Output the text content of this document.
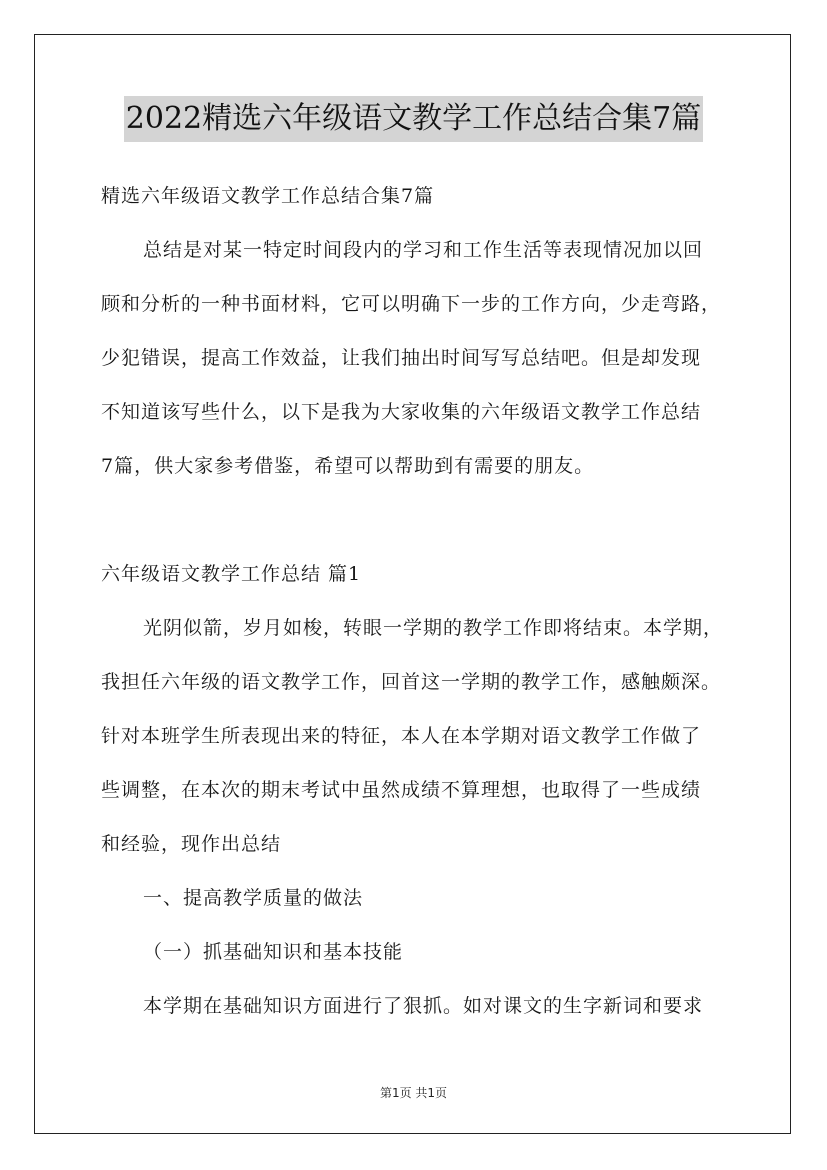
2022精选六年级语文教学工作总结合集7篇
精选六年级语文教学工作总结合集7篇
总结是对某一特定时间段内的学习和工作生活等表现情况加以回
顾和分析的一种书面材料，它可以明确下一步的工作方向，少走弯路，
少犯错误，提高工作效益，让我们抽出时间写写总结吧。但是却发现
不知道该写些什么，以下是我为大家收集的六年级语文教学工作总结
7篇，供大家参考借鉴，希望可以帮助到有需要的朋友。
六年级语文教学工作总结 篇1
光阴似箭，岁月如梭，转眼一学期的教学工作即将结束。本学期，
我担任六年级的语文教学工作，回首这一学期的教学工作，感触颇深。
针对本班学生所表现出来的特征，本人在本学期对语文教学工作做了
些调整，在本次的期末考试中虽然成绩不算理想，也取得了一些成绩
和经验，现作出总结
一、提高教学质量的做法
（一）抓基础知识和基本技能
本学期在基础知识方面进行了狠抓。如对课文的生字新词和要求
第1页 共1页
